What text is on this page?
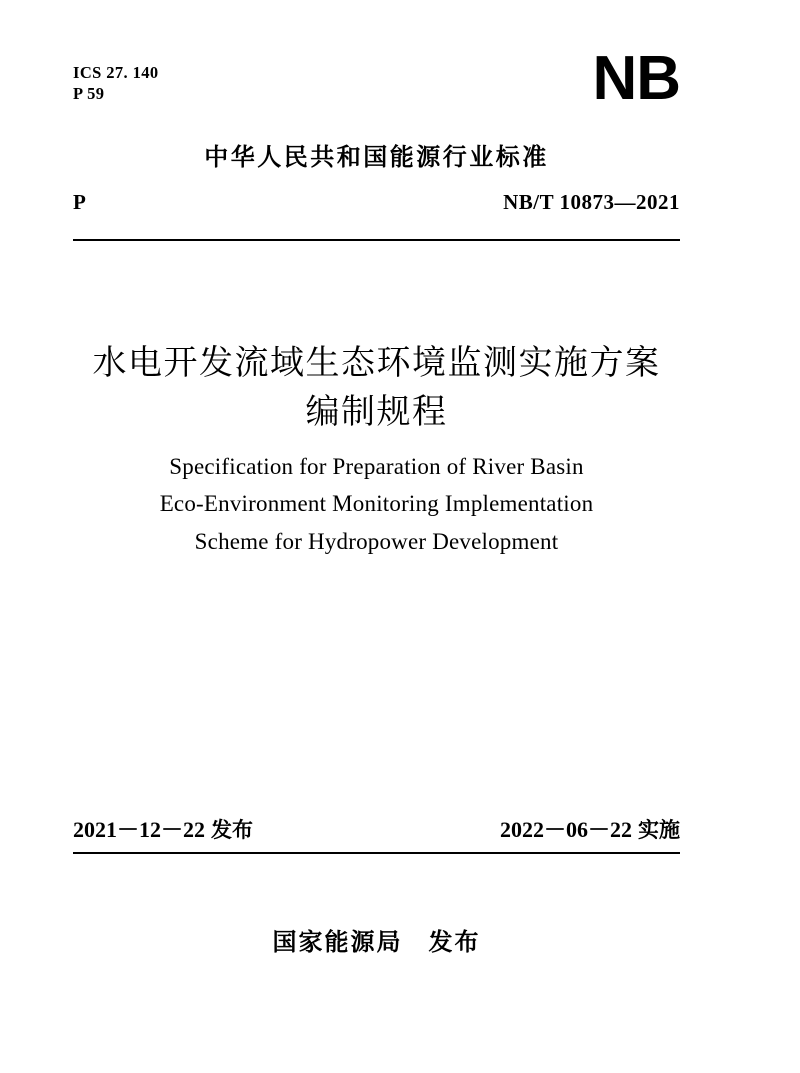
ICS 27. 140
P 59	NB
中华人民共和国能源行业标准
P	NB/T 10873—2021
水电开发流域生态环境监测实施方案
编制规程
Specification for Preparation of River Basin
Eco-Environment Monitoring Implementation
Scheme for Hydropower Development
2021－12－22 发布	2022－06－22 实施
国家能源局 发布
